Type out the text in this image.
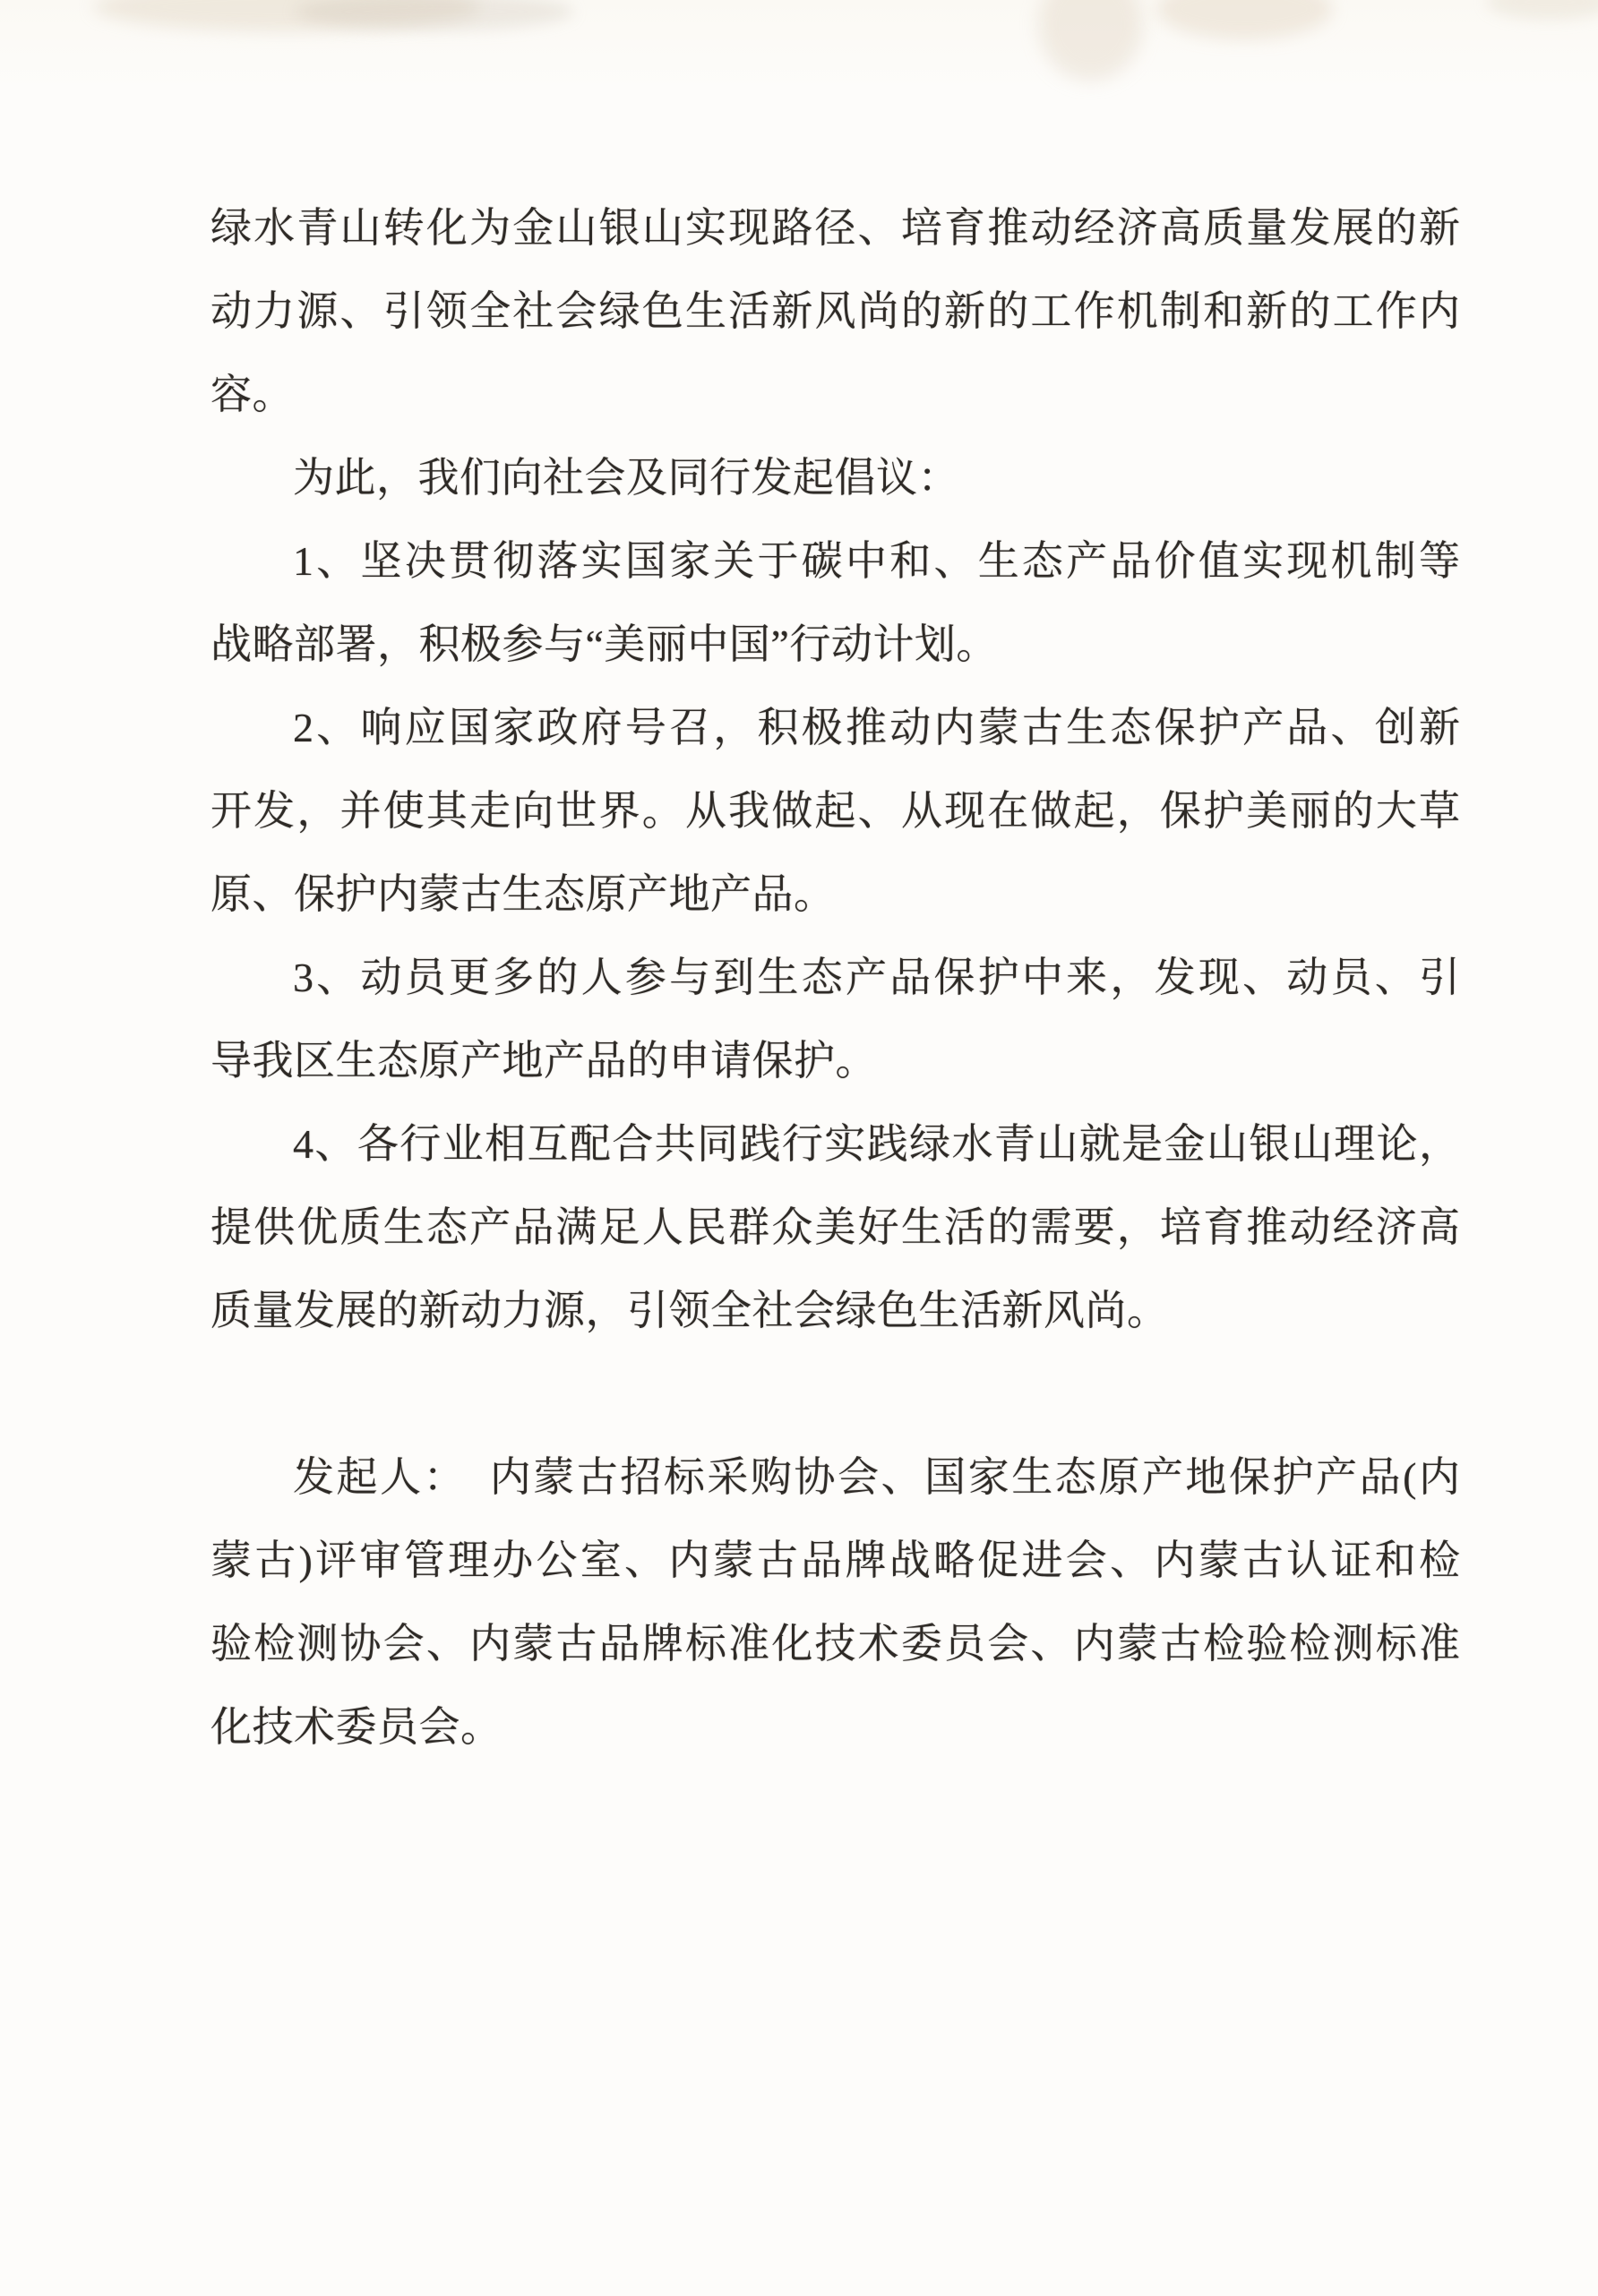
绿水青山转化为金山银山实现路径、培育推动经济高质量发展的新

动力源、引领全社会绿色生活新风尚的新的工作机制和新的工作内

容。

为此，我们向社会及同行发起倡议：

1、坚决贯彻落实国家关于碳中和、生态产品价值实现机制等

战略部署，积极参与“美丽中国”行动计划。

2、响应国家政府号召，积极推动内蒙古生态保护产品、创新

开发，并使其走向世界。从我做起、从现在做起，保护美丽的大草

原、保护内蒙古生态原产地产品。

3、动员更多的人参与到生态产品保护中来，发现、动员、引

导我区生态原产地产品的申请保护。

4、各行业相互配合共同践行实践绿水青山就是金山银山理论，

提供优质生态产品满足人民群众美好生活的需要，培育推动经济高

质量发展的新动力源，引领全社会绿色生活新风尚。

发起人：　内蒙古招标采购协会、国家生态原产地保护产品(内

蒙古)评审管理办公室、内蒙古品牌战略促进会、内蒙古认证和检

验检测协会、内蒙古品牌标准化技术委员会、内蒙古检验检测标准

化技术委员会。
